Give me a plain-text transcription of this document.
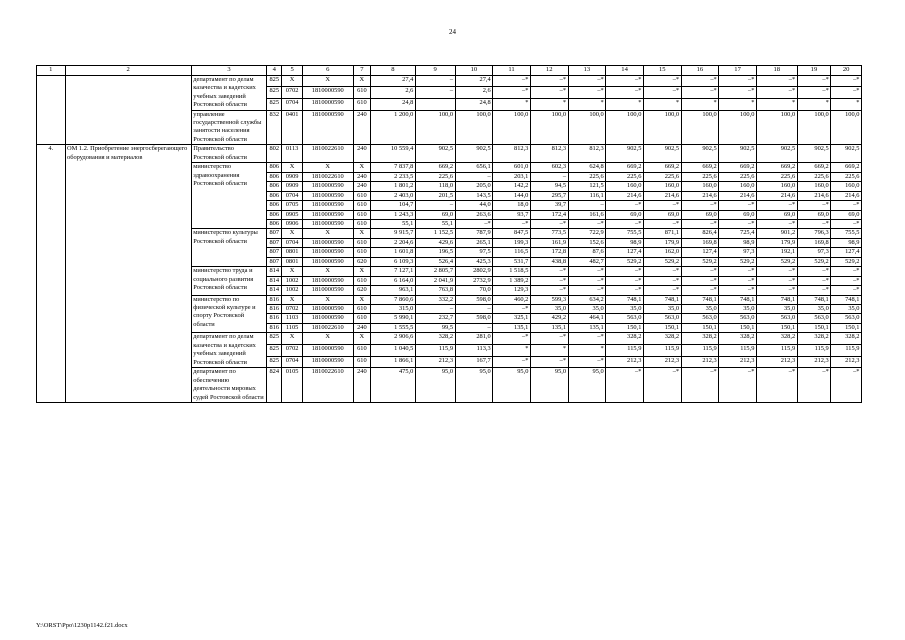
24
1	2	3	4	5	6	7	8	9	10	11	12	13	14	15	16	17	18	19	20
		департамент по делам казачества и кадетских учебных заведений Ростовской области	825	X	X	X	27,4	–	27,4	–*	–*	–*	–*	–*	–*	–*	–*	–*	–*
			825	0702	1810000590	610	2,6	–	2,6	–*	–*	–*	–*	–*	–*	–*	–*	–*	–*
			825	0704	1810000590	610	24,8		24,8	*	*	*	*	*	*	*	*	*	*
		управление государственной службы занятости населения Ростовской области	832	0401	1810000590	240	1 200,0	100,0	100,0	100,0	100,0	100,0	100,0	100,0	100,0	100,0	100,0	100,0	100,0
4.	ОМ 1.2. Приобретение энергосберегающего оборудования и материалов	Правительство Ростовской области	802	0113	1810022610	240	10 559,4	902,5	902,5	812,3	812,3	812,3	902,5	902,5	902,5	902,5	902,5	902,5	902,5
		министерство здравоохранения Ростовской области	806	X	X	X	7 837,8	669,2	656,1	601,0	602,3	624,8	669,2	669,2	669,2	669,2	669,2	669,2	669,2
			806	0909	1810022610	240	2 233,5	225,6	–	203,1	–	225,6	225,6	225,6	225,6	225,6	225,6	225,6	225,6
			806	0909	1810000590	240	1 801,2	118,0	205,0	142,2	94,5	121,5	160,0	160,0	160,0	160,0	160,0	160,0	160,0
			806	0704	1810000590	610	2 403,0	201,5	143,5	144,0	295,7	116,1	214,6	214,6	214,6	214,6	214,6	214,6	214,6
			806	0705	1810000590	610	104,7	–	44,0	18,0	39,7	–	–*	–*	–*	–*	–*	–*	–*
			806	0905	1810000590	610	1 243,3	69,0	263,6	93,7	172,4	161,6	69,0	69,0	69,0	69,0	69,0	69,0	69,0
			806	0906	1810000590	610	55,1	55,1	–*	–*	–*	–*	–*	–*	–*	–*	–*	–*	–*
		министерство культуры Ростовской области	807	X	X	X	9 915,7	1 152,5	787,9	847,5	773,5	722,9	755,5	871,1	826,4	725,4	901,2	796,3	755,5
			807	0704	1810000590	610	2 204,6	429,6	265,1	199,3	161,9	152,6	98,9	179,9	169,8	98,9	179,9	169,8	98,9
			807	0801	1810000590	610	1 601,8	196,5	97,5	116,5	172,8	87,6	127,4	162,0	127,4	97,3	192,1	97,3	127,4
			807	0801	1810000590	620	6 109,3	526,4	425,3	531,7	438,8	482,7	529,2	529,2	529,2	529,2	529,2	529,2	529,2
		министерство труда и социального развития Ростовской области	814	X	X	X	7 127,1	2 805,7	2802,9	1 518,5	–*	–*	–*	–*	–*	–*	–*	–*	–*
			814	1002	1810000590	610	6 164,0	2 041,9	2732,9	1 389,2	–*	–*	–*	–*	–*	–*	–*	–*	–*
			814	1002	1810000590	620	963,1	763,8	70,0	129,3	–*	–*	–*	–*	–*	–*	–*	–*	–*
		министерство по физической культуре и спорту Ростовской области	816	X	X	X	7 860,6	332,2	598,0	460,2	599,3	634,2	748,1	748,1	748,1	748,1	748,1	748,1	748,1
			816	0702	1810000590	610	315,0	–	–	–*	35,0	35,0	35,0	35,0	35,0	35,0	35,0	35,0	35,0
			816	1103	1810000590	610	5 990,1	232,7	598,0	325,1	429,2	464,1	563,0	563,0	563,0	563,0	563,0	563,0	563,0
			816	1105	1810022610	240	1 555,5	99,5	–	135,1	135,1	135,1	150,1	150,1	150,1	150,1	150,1	150,1	150,1
		департамент по делам казачества и кадетских учебных заведений Ростовской области	825	X	X	X	2 906,6	328,2	281,0	–*	–*	–*	328,2	328,2	328,2	328,2	328,2	328,2	328,2
			825	0702	1810000590	610	1 040,5	115,9	113,3	*	*	*	115,9	115,9	115,9	115,9	115,9	115,9	115,9
			825	0704	1810000590	610	1 866,1	212,3	167,7	–*	–*	–*	212,3	212,3	212,3	212,3	212,3	212,3	212,3
		департамент по обеспечению деятельности мировых судей Ростовской области	824	0105	1810022610	240	475,0	95,0	95,0	95,0	95,0	95,0	–*	–*	–*	–*	–*	–*	–*
Y:\ORST\Ppo\1230p1142.f21.docx
